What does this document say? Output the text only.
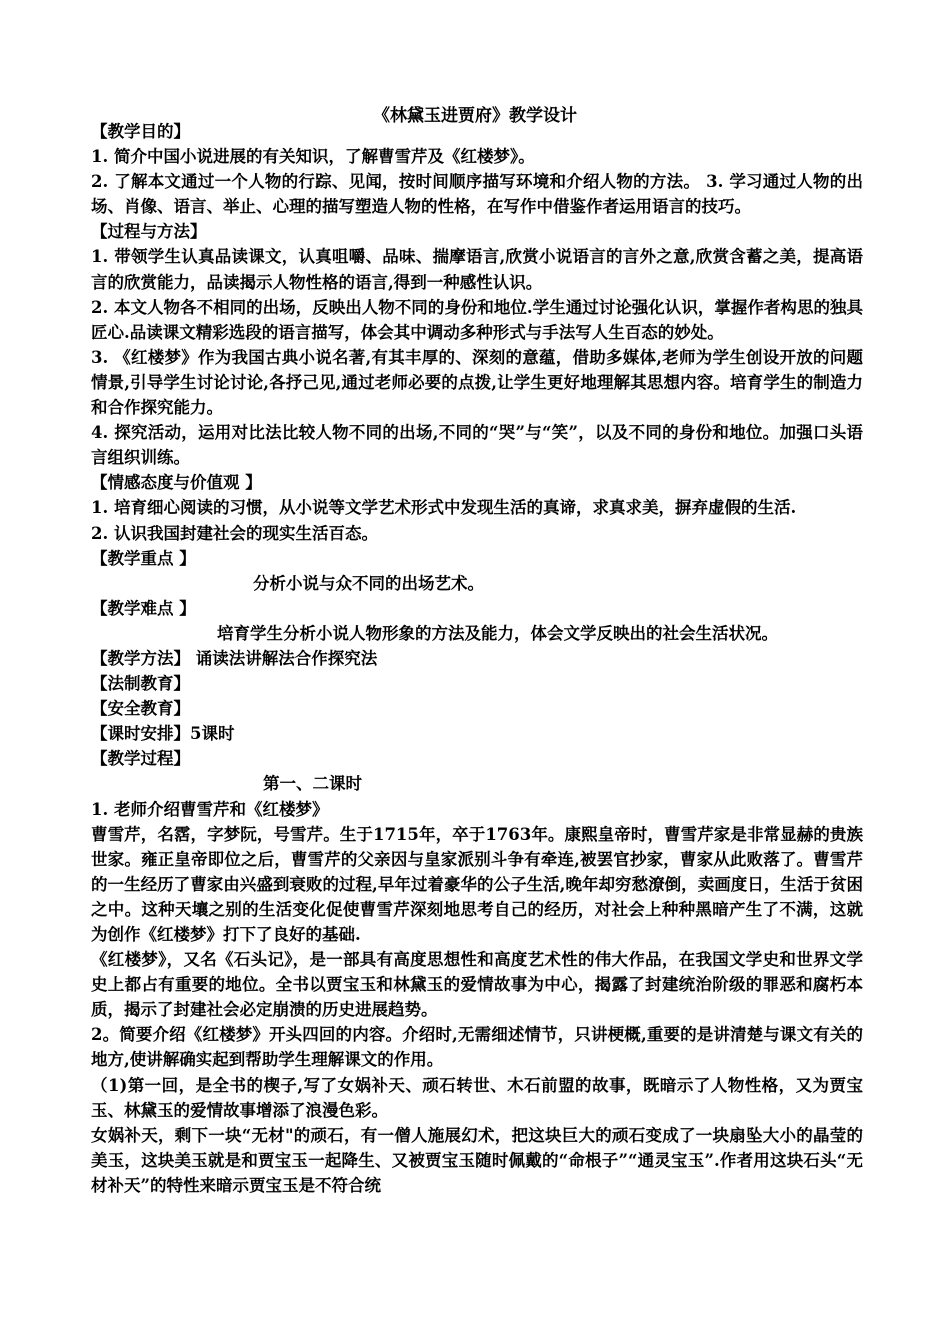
《林黛玉进贾府》教学设计

【教学目的】

1. 简介中国小说进展的有关知识，了解曹雪芹及《红楼梦》。

2. 了解本文通过一个人物的行踪、见闻，按时间顺序描写环境和介绍人物的方法。 3. 学习通过人物的出场、肖像、语言、举止、心理的描写塑造人物的性格，在写作中借鉴作者运用语言的技巧。

【过程与方法】

1. 带领学生认真品读课文，认真咀嚼、品味、揣摩语言,欣赏小说语言的言外之意,欣赏含蓄之美，提高语言的欣赏能力，品读揭示人物性格的语言,得到一种感性认识。

2. 本文人物各不相同的出场，反映出人物不同的身份和地位.学生通过讨论强化认识，掌握作者构思的独具匠心.品读课文精彩选段的语言描写，体会其中调动多种形式与手法写人生百态的妙处。

3. 《红楼梦》作为我国古典小说名著,有其丰厚的、深刻的意蕴，借助多媒体,老师为学生创设开放的问题情景,引导学生讨论讨论,各抒己见,通过老师必要的点拨,让学生更好地理解其思想内容。培育学生的制造力和合作探究能力。

4. 探究活动，运用对比法比较人物不同的出场,不同的“哭”与“笑”，以及不同的身份和地位。加强口头语言组织训练。

【情感态度与价值观 】

1. 培育细心阅读的习惯，从小说等文学艺术形式中发现生活的真谛，求真求美，摒弃虚假的生活.

2. 认识我国封建社会的现实生活百态。

【教学重点 】

分析小说与众不同的出场艺术。

【教学难点 】

培育学生分析小说人物形象的方法及能力，体会文学反映出的社会生活状况。

【教学方法】 诵读法讲解法合作探究法

【法制教育】

【安全教育】

【课时安排】5课时

【教学过程】

第一、二课时

1. 老师介绍曹雪芹和《红楼梦》

曹雪芹，名霑，字梦阮，号雪芹。生于1715年，卒于1763年。康熙皇帝时，曹雪芹家是非常显赫的贵族世家。雍正皇帝即位之后，曹雪芹的父亲因与皇家派别斗争有牵连,被罢官抄家，曹家从此败落了。曹雪芹的一生经历了曹家由兴盛到衰败的过程,早年过着豪华的公子生活,晚年却穷愁潦倒，卖画度日，生活于贫困之中。这种天壤之别的生活变化促使曹雪芹深刻地思考自己的经历，对社会上种种黑暗产生了不满，这就为创作《红楼梦》打下了良好的基础.

《红楼梦》，又名《石头记》，是一部具有高度思想性和高度艺术性的伟大作品，在我国文学史和世界文学史上都占有重要的地位。全书以贾宝玉和林黛玉的爱情故事为中心，揭露了封建统治阶级的罪恶和腐朽本质，揭示了封建社会必定崩溃的历史进展趋势。

2。简要介绍《红楼梦》开头四回的内容。介绍时,无需细述情节，只讲梗概,重要的是讲清楚与课文有关的地方,使讲解确实起到帮助学生理解课文的作用。

（1)第一回，是全书的楔子,写了女娲补天、顽石转世、木石前盟的故事，既暗示了人物性格，又为贾宝玉、林黛玉的爱情故事增添了浪漫色彩。

女娲补天，剩下一块“无材"的顽石，有一僧人施展幻术，把这块巨大的顽石变成了一块扇坠大小的晶莹的美玉，这块美玉就是和贾宝玉一起降生、又被贾宝玉随时佩戴的“命根子”“通灵宝玉”.作者用这块石头“无材补天”的特性来暗示贾宝玉是不符合统
